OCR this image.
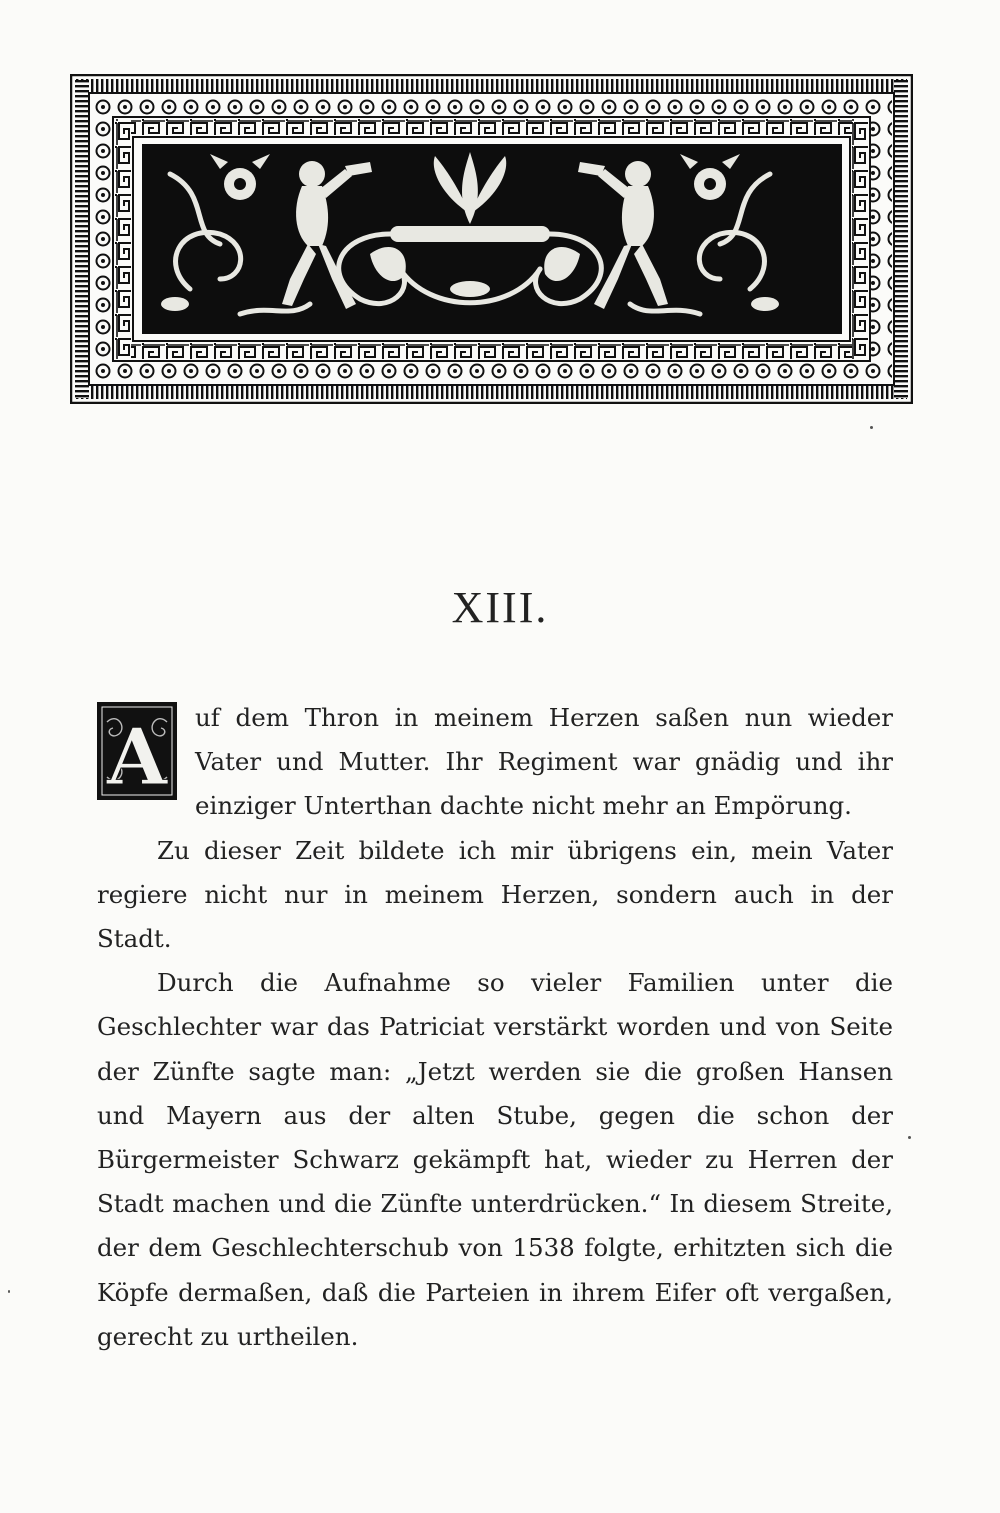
XIII.
A	uf dem Thron in meinem Herzen saßen nun wieder Vater und Mutter. Ihr Regiment war gnädig und ihr einziger Unterthan dachte nicht mehr an Empörung.

Zu dieser Zeit bildete ich mir übrigens ein, mein Vater regiere nicht nur in meinem Herzen, sondern auch in der Stadt.

Durch die Aufnahme so vieler Familien unter die Geschlechter war das Patriciat verstärkt worden und von Seite der Zünfte sagte man: „Jetzt werden sie die großen Hansen und Mayern aus der alten Stube, gegen die schon der Bürgermeister Schwarz gekämpft hat, wieder zu Herren der Stadt machen und die Zünfte unterdrücken.“ In diesem Streite, der dem Geschlechterschub von 1538 folgte, erhitzten sich die Köpfe dermaßen, daß die Parteien in ihrem Eifer oft vergaßen, gerecht zu urtheilen.
